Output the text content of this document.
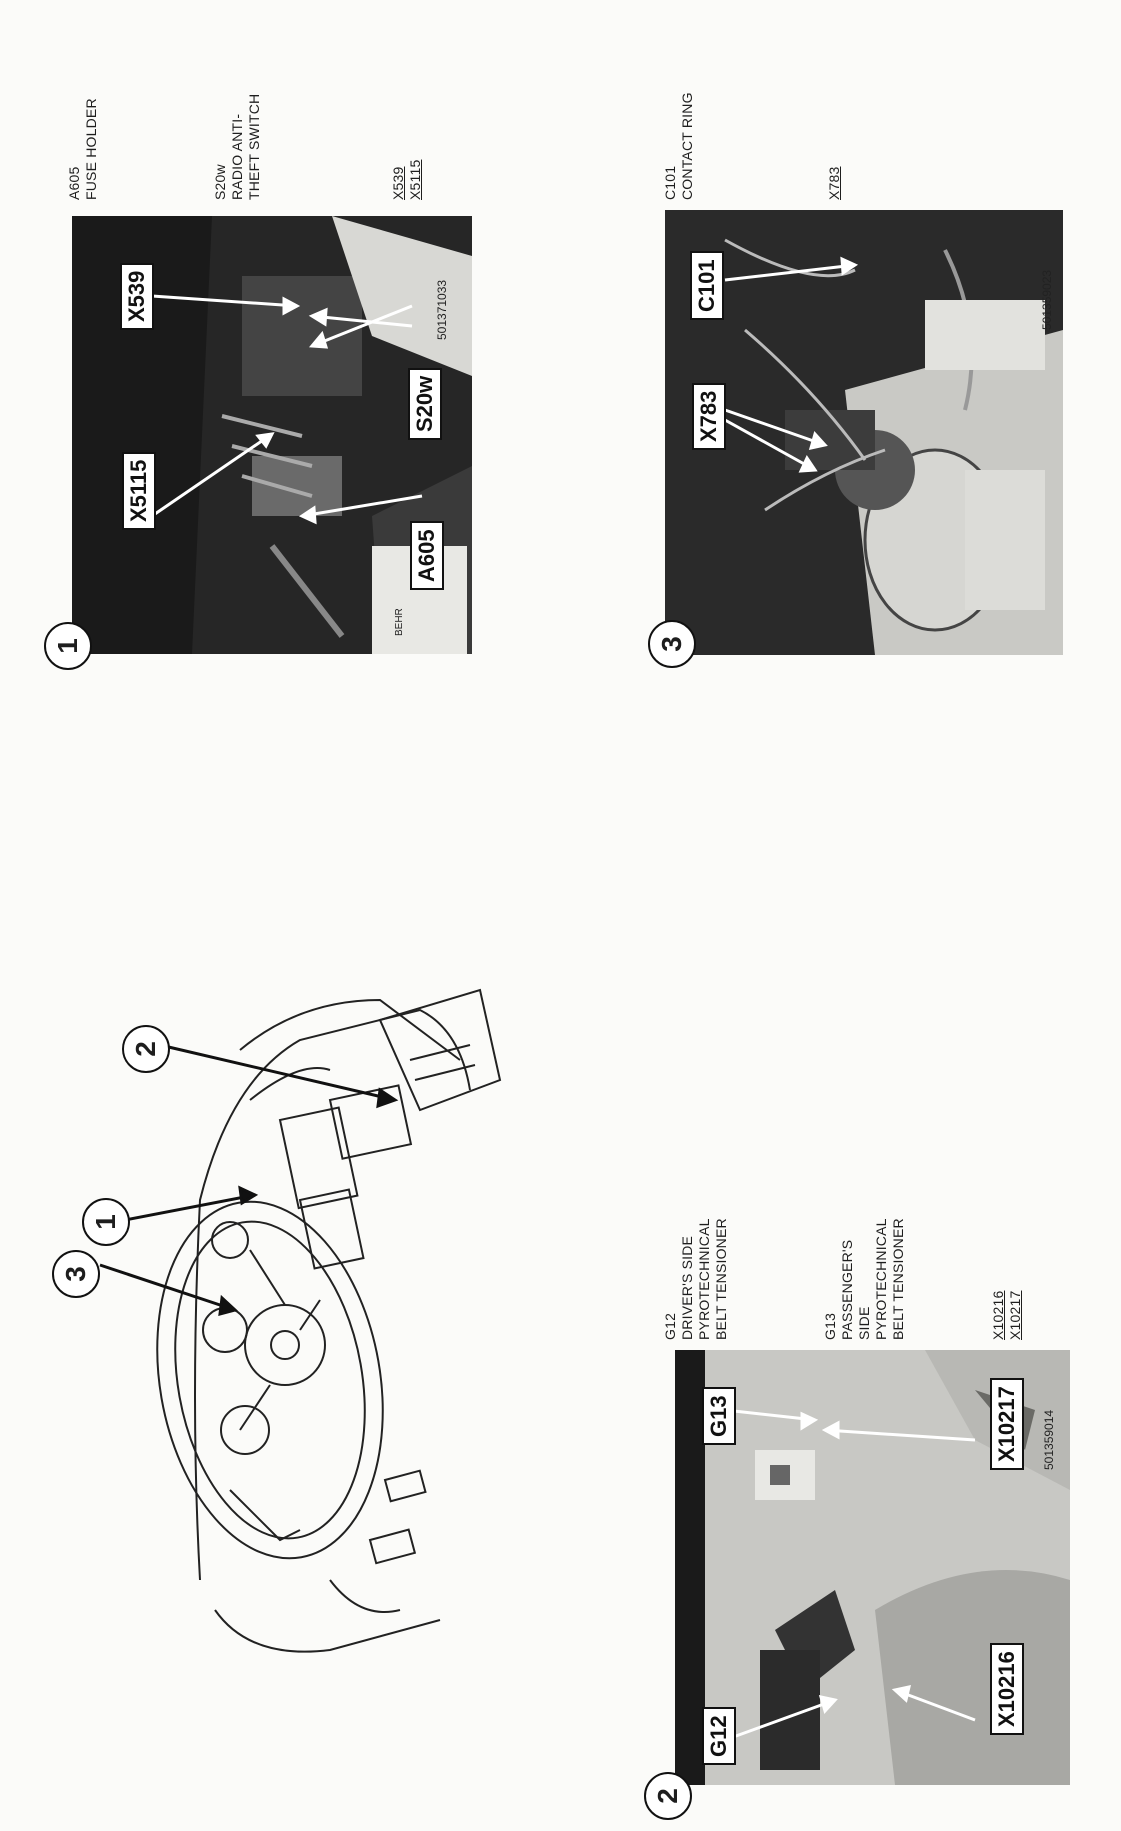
3
1
2
BEHR
X539
X5115
S20w
A605
501371033
1
A605 FUSE HOLDER	S20w RADIO ANTI- THEFT SWITCH	X539 X5115
C101
X783
501359023
3
C101 CONTACT RING	X783
G12
G13
X10216
X10217	501359014
2
G12 DRIVER'S SIDE PYROTECHNICAL BELT TENSIONER	G13 PASSENGER'S SIDE PYROTECHNICAL BELT TENSIONER	X10216 X10217
